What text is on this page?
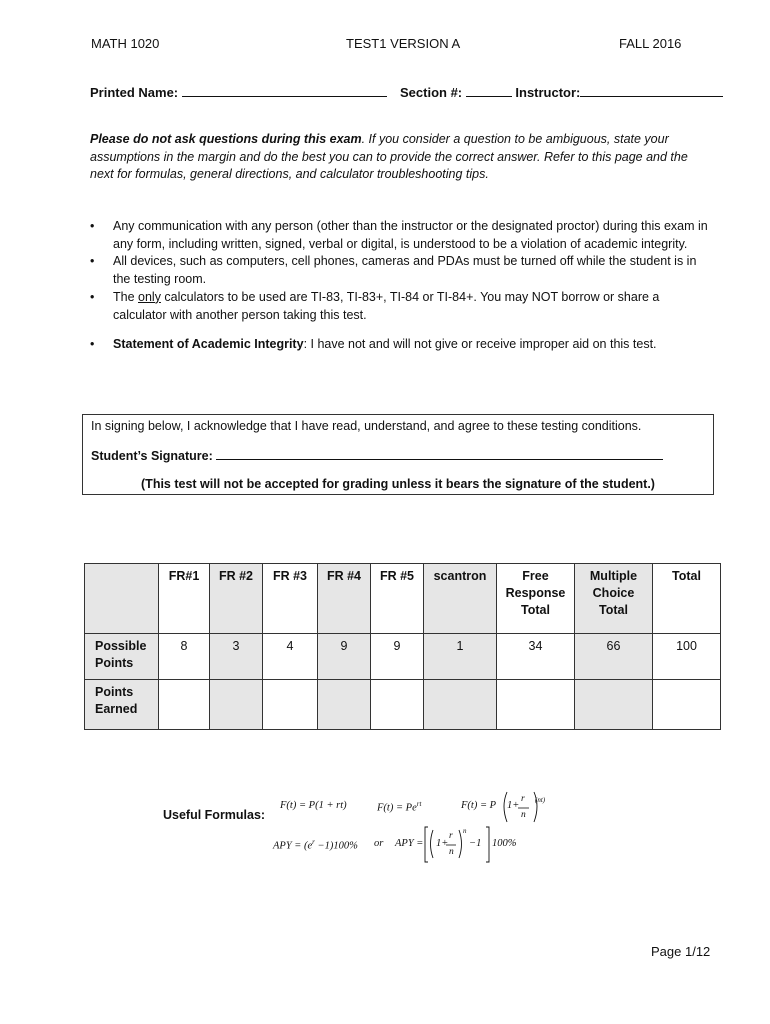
MATH 1020	TEST1 VERSION A	FALL 2016
Printed Name:	Section #:	Instructor:
Please do not ask questions during this exam. If you consider a question to be ambiguous, state your assumptions in the margin and do the best you can to provide the correct answer. Refer to this page and the next for formulas, general directions, and calculator troubleshooting tips.
• Any communication with any person (other than the instructor or the designated proctor) during this exam in any form, including written, signed, verbal or digital, is understood to be a violation of academic integrity.
• All devices, such as computers, cell phones, cameras and PDAs must be turned off while the student is in the testing room.
• The only calculators to be used are TI-83, TI-83+, TI-84 or TI-84+. You may NOT borrow or share a calculator with another person taking this test.
• Statement of Academic Integrity: I have not and will not give or receive improper aid on this test.
In signing below, I acknowledge that I have read, understand, and agree to these testing conditions.
Student’s Signature:
(This test will not be accepted for grading unless it bears the signature of the student.)
	FR#1	FR #2	FR #3	FR #4	FR #5	scantron	Free Response Total	Multiple Choice Total	Total
Possible Points	8	3	4	9	9	1	34	66	100
Points Earned									
Useful Formulas:
F(t) = P(1 + rt)	$F(t) = Pe^{rt}$	F(t) = P 1+
r
n
(nt)
APY = $(e^r -1)100\%$ or APY = 1+
r
n
n
−1 100%
Page 1/12
